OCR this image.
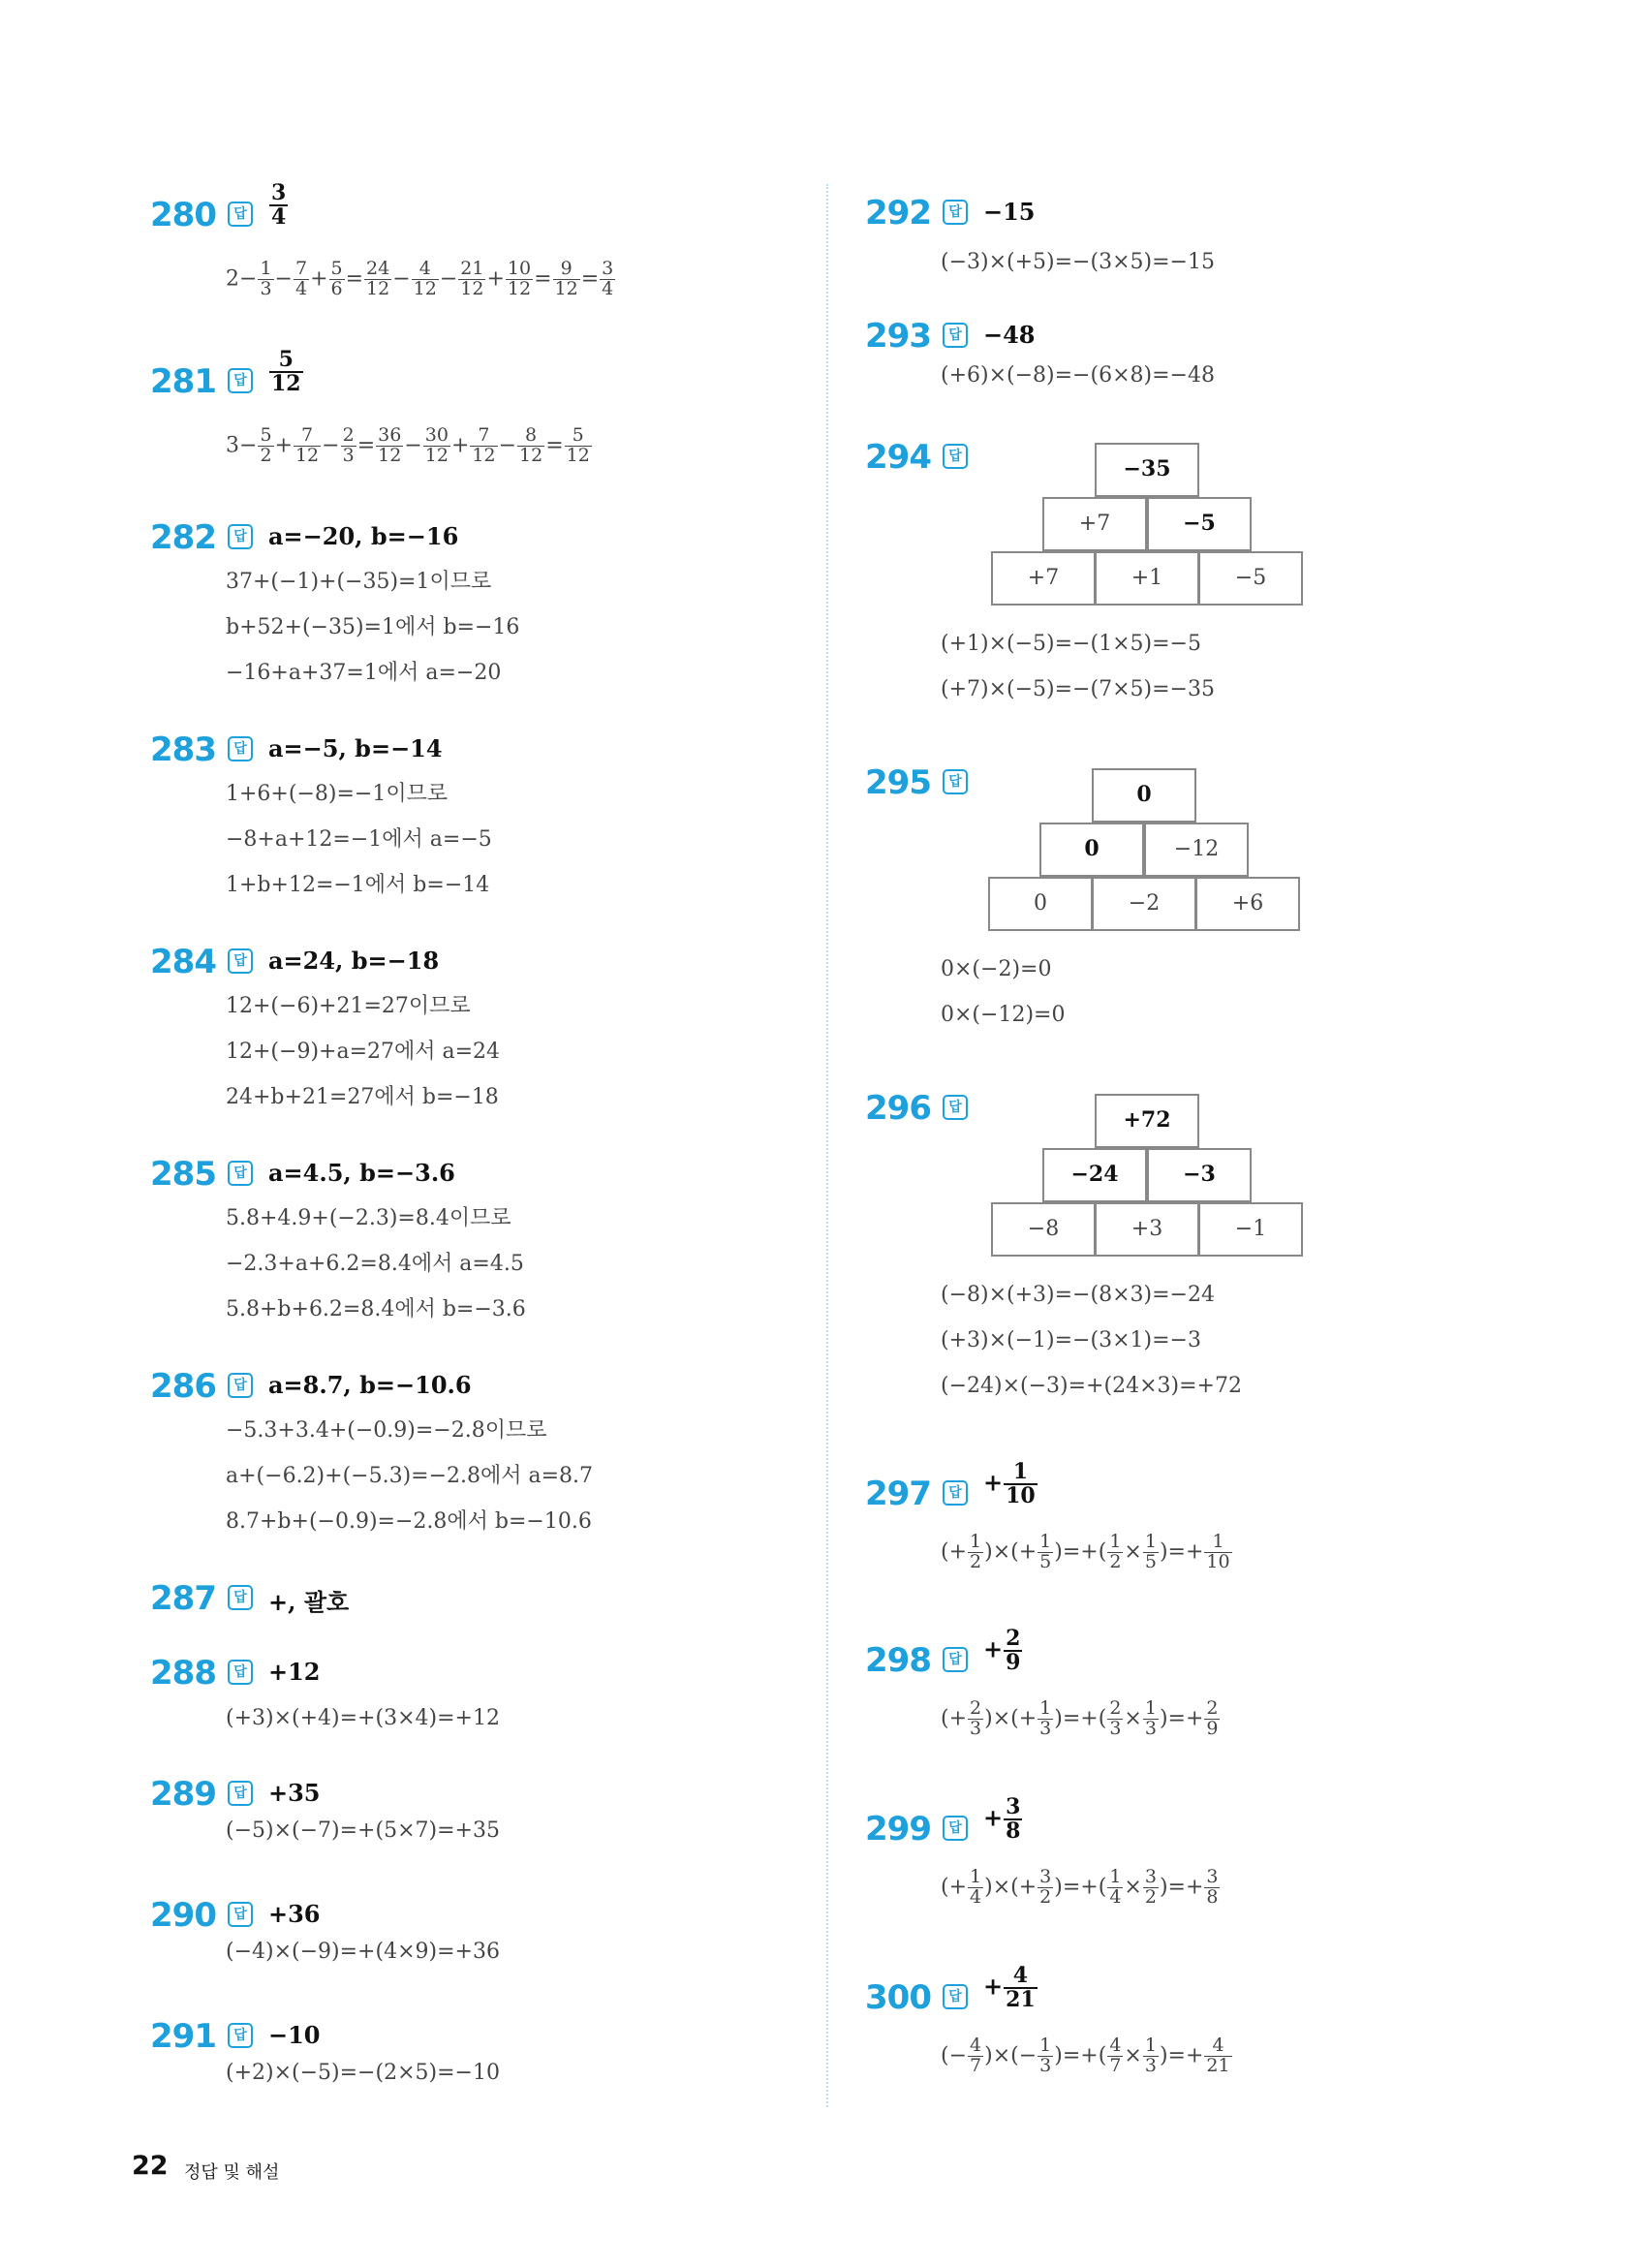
280	답 $\frac{3}{4}$
$2- \frac{1}{3} - \frac{7}{4} + \frac{5}{6} = \frac{24}{12} - \frac{4}{12} - \frac{21}{12} + \frac{10}{12} = \frac{9}{12} = \frac{3}{4}$
281	답 $\frac{5}{12}$
$3- \frac{5}{2} + \frac{7}{12} - \frac{2}{3} = \frac{36}{12} - \frac{30}{12} + \frac{7}{12} - \frac{8}{12} = \frac{5}{12}$
282	답 a=−20, b=−16
37+(−1)+(−35)=1이므로
b+52+(−35)=1에서 b=−16
−16+a+37=1에서 a=−20
283	답 a=−5, b=−14
1+6+(−8)=−1이므로
−8+a+12=−1에서 a=−5
1+b+12=−1에서 b=−14
284	답 a=24, b=−18
12+(−6)+21=27이므로
12+(−9)+a=27에서 a=24
24+b+21=27에서 b=−18
285	답 a=4.5, b=−3.6
5.8+4.9+(−2.3)=8.4이므로
−2.3+a+6.2=8.4에서 a=4.5
5.8+b+6.2=8.4에서 b=−3.6
286	답 a=8.7, b=−10.6
−5.3+3.4+(−0.9)=−2.8이므로
a+(−6.2)+(−5.3)=−2.8에서 a=8.7
8.7+b+(−0.9)=−2.8에서 b=−10.6
287	답 +, 괄호
288	답 +12
(+3)×(+4)=+(3×4)=+12
289	답 +35
(−5)×(−7)=+(5×7)=+35
290	답 +36
(−4)×(−9)=+(4×9)=+36
291	답 −10
(+2)×(−5)=−(2×5)=−10
292	답 −15
(−3)×(+5)=−(3×5)=−15
293	답 −48
(+6)×(−8)=−(6×8)=−48
294	답	−35
+7	−5
+7	+1	−5
(+1)×(−5)=−(1×5)=−5
(+7)×(−5)=−(7×5)=−35
295	답	0
0	−12
0	−2	+6
0×(−2)=0
0×(−12)=0
296	답	+72
−24	−3
−8	+3	−1
(−8)×(+3)=−(8×3)=−24
(+3)×(−1)=−(3×1)=−3
(−24)×(−3)=+(24×3)=+72
297	답 + $\frac{1}{10}$
(+ $\frac{1}{2}$ )×(+ $\frac{1}{5}$ )=+( $\frac{1}{2} \times \frac{1}{5}$ )=+ $\frac{1}{10}$
298	답 + $\frac{2}{9}$
(+ $\frac{2}{3}$ )×(+ $\frac{1}{3}$ )=+( $\frac{2}{3} \times \frac{1}{3}$ )=+ $\frac{2}{9}$
299	답 + $\frac{3}{8}$
(+ $\frac{1}{4}$ )×(+ $\frac{3}{2}$ )=+( $\frac{1}{4} \times \frac{3}{2}$ )=+ $\frac{3}{8}$
300	답 + $\frac{4}{21}$
(− $\frac{4}{7}$ )×(− $\frac{1}{3}$ )=+( $\frac{4}{7} \times \frac{1}{3}$ )=+ $\frac{4}{21}$
22 정답 및 해설
